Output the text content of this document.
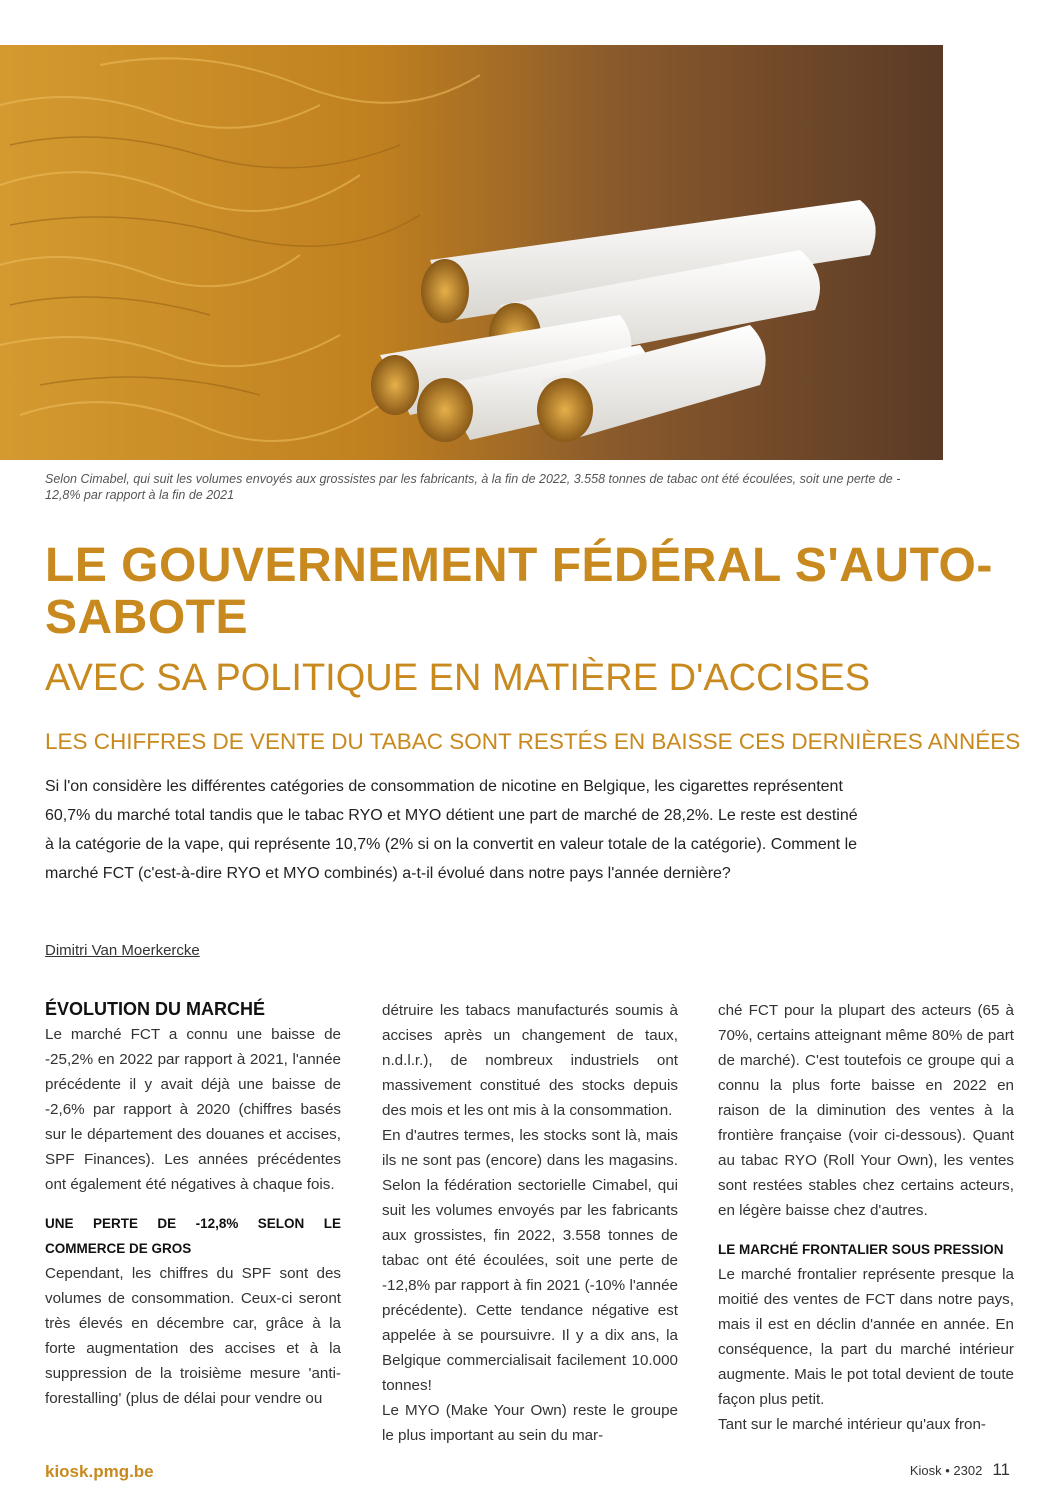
Selon Cimabel, qui suit les volumes envoyés aux grossistes par les fabricants, à la fin de 2022, 3.558 tonnes de tabac ont été écoulées, soit une perte de - 12,8% par rapport à la fin de 2021
LE GOUVERNEMENT FÉDÉRAL S'AUTO-SABOTE
AVEC SA POLITIQUE EN MATIÈRE D'ACCISES
LES CHIFFRES DE VENTE DU TABAC SONT RESTÉS EN BAISSE CES DERNIÈRES ANNÉES

Si l'on considère les différentes catégories de consommation de nicotine en Belgique, les cigarettes représentent 60,7% du marché total tandis que le tabac RYO et MYO détient une part de marché de 28,2%. Le reste est destiné à la catégorie de la vape, qui représente 10,7% (2% si on la convertit en valeur totale de la catégorie). Comment le marché FCT (c'est-à-dire RYO et MYO combinés) a-t-il évolué dans notre pays l'année dernière?

Dimitri Van Moerkercke
ÉVOLUTION DU MARCHÉ

Le marché FCT a connu une baisse de -25,2% en 2022 par rapport à 2021, l'année précédente il y avait déjà une baisse de -2,6% par rapport à 2020 (chiffres basés sur le département des douanes et accises, SPF Finances). Les années précédentes ont également été négatives à chaque fois.

UNE PERTE DE -12,8% SELON LE COMMERCE DE GROS

Cependant, les chiffres du SPF sont des volumes de consommation. Ceux-ci seront très élevés en décembre car, grâce à la forte augmentation des accises et à la suppression de la troisième mesure 'anti-forestalling' (plus de délai pour vendre ou

détruire les tabacs manufacturés soumis à accises après un changement de taux, n.d.l.r.), de nombreux industriels ont massivement constitué des stocks depuis des mois et les ont mis à la consommation.

En d'autres termes, les stocks sont là, mais ils ne sont pas (encore) dans les magasins. Selon la fédération sectorielle Cimabel, qui suit les volumes envoyés par les fabricants aux grossistes, fin 2022, 3.558 tonnes de tabac ont été écoulées, soit une perte de -12,8% par rapport à fin 2021 (-10% l'année précédente). Cette tendance négative est appelée à se poursuivre. Il y a dix ans, la Belgique commercialisait facilement 10.000 tonnes!

Le MYO (Make Your Own) reste le groupe le plus important au sein du mar-

ché FCT pour la plupart des acteurs (65 à 70%, certains atteignant même 80% de part de marché). C'est toutefois ce groupe qui a connu la plus forte baisse en 2022 en raison de la diminution des ventes à la frontière française (voir ci-dessous). Quant au tabac RYO (Roll Your Own), les ventes sont restées stables chez certains acteurs, en légère baisse chez d'autres.

LE MARCHÉ FRONTALIER SOUS PRESSION

Le marché frontalier représente presque la moitié des ventes de FCT dans notre pays, mais il est en déclin d'année en année. En conséquence, la part du marché intérieur augmente. Mais le pot total devient de toute façon plus petit.

Tant sur le marché intérieur qu'aux fron-

kiosk.pmg.be	Kiosk • 2302 11
